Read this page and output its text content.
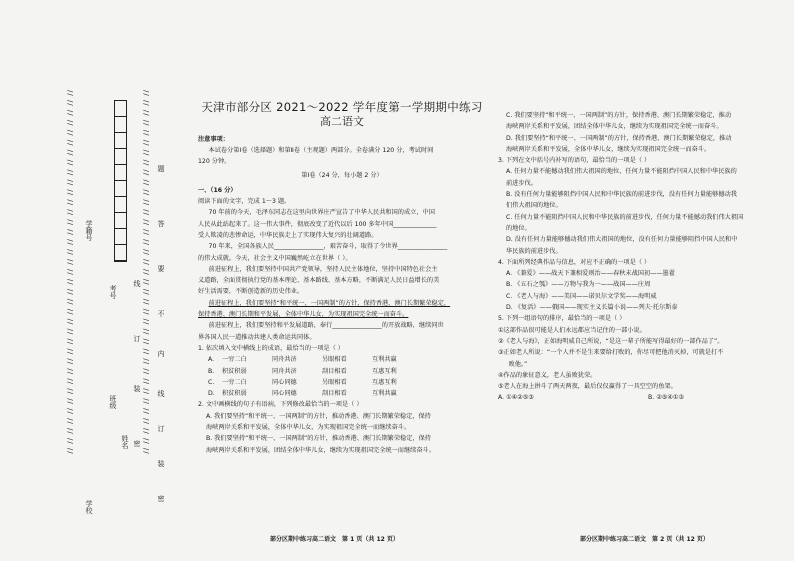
// // // // // // // // // // // // // // // // // // // // // // // // // // // // // // // // // // // // //	// // // // // // // // // // // // // // // // // // // // // // // // // // // // // // // // // // // // //
学校
学籍号
班级
考号
姓名
题
答
要
不
内
线
订
装
密
线
订
装
密

天津市部分区 2021～2022 学年度第一学期期中练习

高二语文

注意事项：

本试卷分第Ⅰ卷（选择题）和第Ⅱ卷（主观题）两部分。全卷满分 120 分，考试时间

120 分钟。

第Ⅰ卷（24 分，每小题 2 分）

一、（16 分）

阅读下面的文字，完成 1～3 题。

70 年前的今天，毛泽东同志在这里向世界庄严宣告了中华人民共和国的成立，中国

人民从此站起来了。这一伟大事件，彻底改变了近代以后 100 多年中国______________

受人欺凌的悲惨命运，中华民族走上了实现伟大复兴的壮阔道路。

70 年来，全国各族人民________________，艰苦奋斗，取得了令世界________________

的伟大成就。今天，社会主义中国巍然屹立在世界（ ）。

前进征程上，我们要坚持中国共产党领导，坚持人民主体地位，坚持中国特色社会主

义道路，全面贯彻执行党的基本理论、基本路线、基本方略，不断满足人民日益增长的美

好生活需要，不断创造新的历史伟业。

前进征程上，我们要坚持“和平统一、一国两制”的方针，保持香港、澳门长期繁荣稳定，

保持香港、澳门长期和平发展，全体中华儿女，为实现祖国完全统一而奋斗。

前进征程上，我们要坚持和平发展道路，奉行________________的开放战略，继续同世

界各国人民一道推动共建人类命运共同体。

1. 依次填入文中横线上的成语，最恰当的一项是（ ）

A.	一穷二白	同舟共济	另眼相看	互利共赢
B.	积贫积弱	同舟共济	刮目相看	互惠互利
C.	一穷二白	同心同德	另眼相看	互惠互利
D.	积贫积弱	同心同德	刮目相看	互利共赢

2. 文中画横线的句子有语病，下列修改最恰当的一项是（ ）

A. 我们要坚持“和平统一、一国两制”的方针，推动香港、澳门长期繁荣稳定，保持

海峡两岸关系和平发展，全体中华儿女，为实现祖国完全统一而继续奋斗。

B. 我们要坚持“和平统一、一国两制”的方针，推动香港、澳门长期繁荣稳定，保持

海峡两岸关系和平发展，团结全体中华儿女，继续为实现祖国完全统一而继续奋斗。

C. 我们要坚持“和平统一、一国两制”的方针，保持香港、澳门长期繁荣稳定，推动

海峡两岸关系和平发展，团结全体中华儿女，继续为实现祖国完全统一而奋斗。

D. 我们要坚持“和平统一、一国两制”的方针，保持香港、澳门长期繁荣稳定，推动

海峡两岸关系和平发展，全体中华儿女，继续为实现祖国完全统一而奋斗。

3. 下列在文中括号内补写的语句，最恰当的一项是（ ）

A. 任何力量不能撼动我们伟大祖国的地位，任何力量不能阻挡中国人民和中华民族的

前进步伐。

B. 没有任何力量能够阻挡中国人民和中华民族的前进步伐，没有任何力量能够撼动我

们伟大祖国的地位。

C. 任何力量不能阻挡中国人民和中华民族的前进步伐，任何力量不能撼动我们伟大祖国

的地位。

D. 没有任何力量能够撼动我们伟大祖国的地位，没有任何力量能够阻挡中国人民和中

华民族的前进步伐。

4. 下面所列经典作品与信息，对应不正确的一项是（ ）

A. 《兼爱》——战天下兼相爱则治——春秋末战国初——墨翟

B. 《五石之瓠》——万物与我为一——战国——庄周

C. 《老人与海》——美国——诺贝尔文学奖——海明威

D. 《复活》——俄国——现实主义长篇小说——列夫·托尔斯泰

5. 下列一组语句的排序，最恰当的一项是（ ）

①这部作品很可能是人们永远都应当记住的一部小说。

②《老人与海》，正如海明威自己所说，“是这一辈子所能写得最好的一部作品了”。

③正如老人所说：“一个人并不是生来要给打败的，你尽可把他消灭掉，可就是打不

败他。”

④作品的象征意义，老人虽败犹荣。

⑤老人在海上拼斗了两天两夜，最后仅仅赢得了一具空空的鱼架。

A. ①④②⑤③	B. ②⑤④①③
部分区期中练习高二语文　第 1 页（共 12 页）	部分区期中练习高二语文　第 2 页（共 12 页）
